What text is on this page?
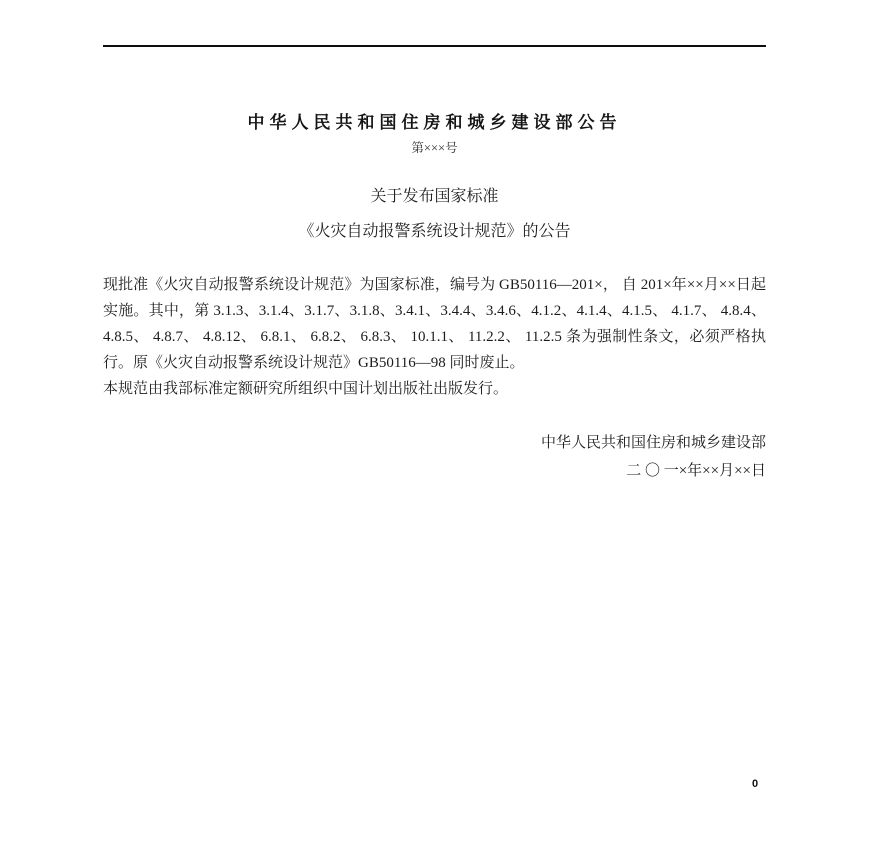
中华人民共和国住房和城乡建设部公告
第×××号
关于发布国家标准
《火灾自动报警系统设计规范》的公告
现批准《火灾自动报警系统设计规范》为国家标准，编号为 GB50116—201×， 自 201×年××月××日起实施。其中，第 3.1.3、3.1.4、3.1.7、3.1.8、3.4.1、3.4.4、3.4.6、4.1.2、4.1.4、4.1.5、 4.1.7、 4.8.4、 4.8.5、 4.8.7、 4.8.12、 6.8.1、 6.8.2、 6.8.3、 10.1.1、 11.2.2、 11.2.5 条为强制性条文，必须严格执行。原《火灾自动报警系统设计规范》GB50116—98 同时废止。
本规范由我部标准定额研究所组织中国计划出版社出版发行。
中华人民共和国住房和城乡建设部
二 〇 一×年××月××日
0
